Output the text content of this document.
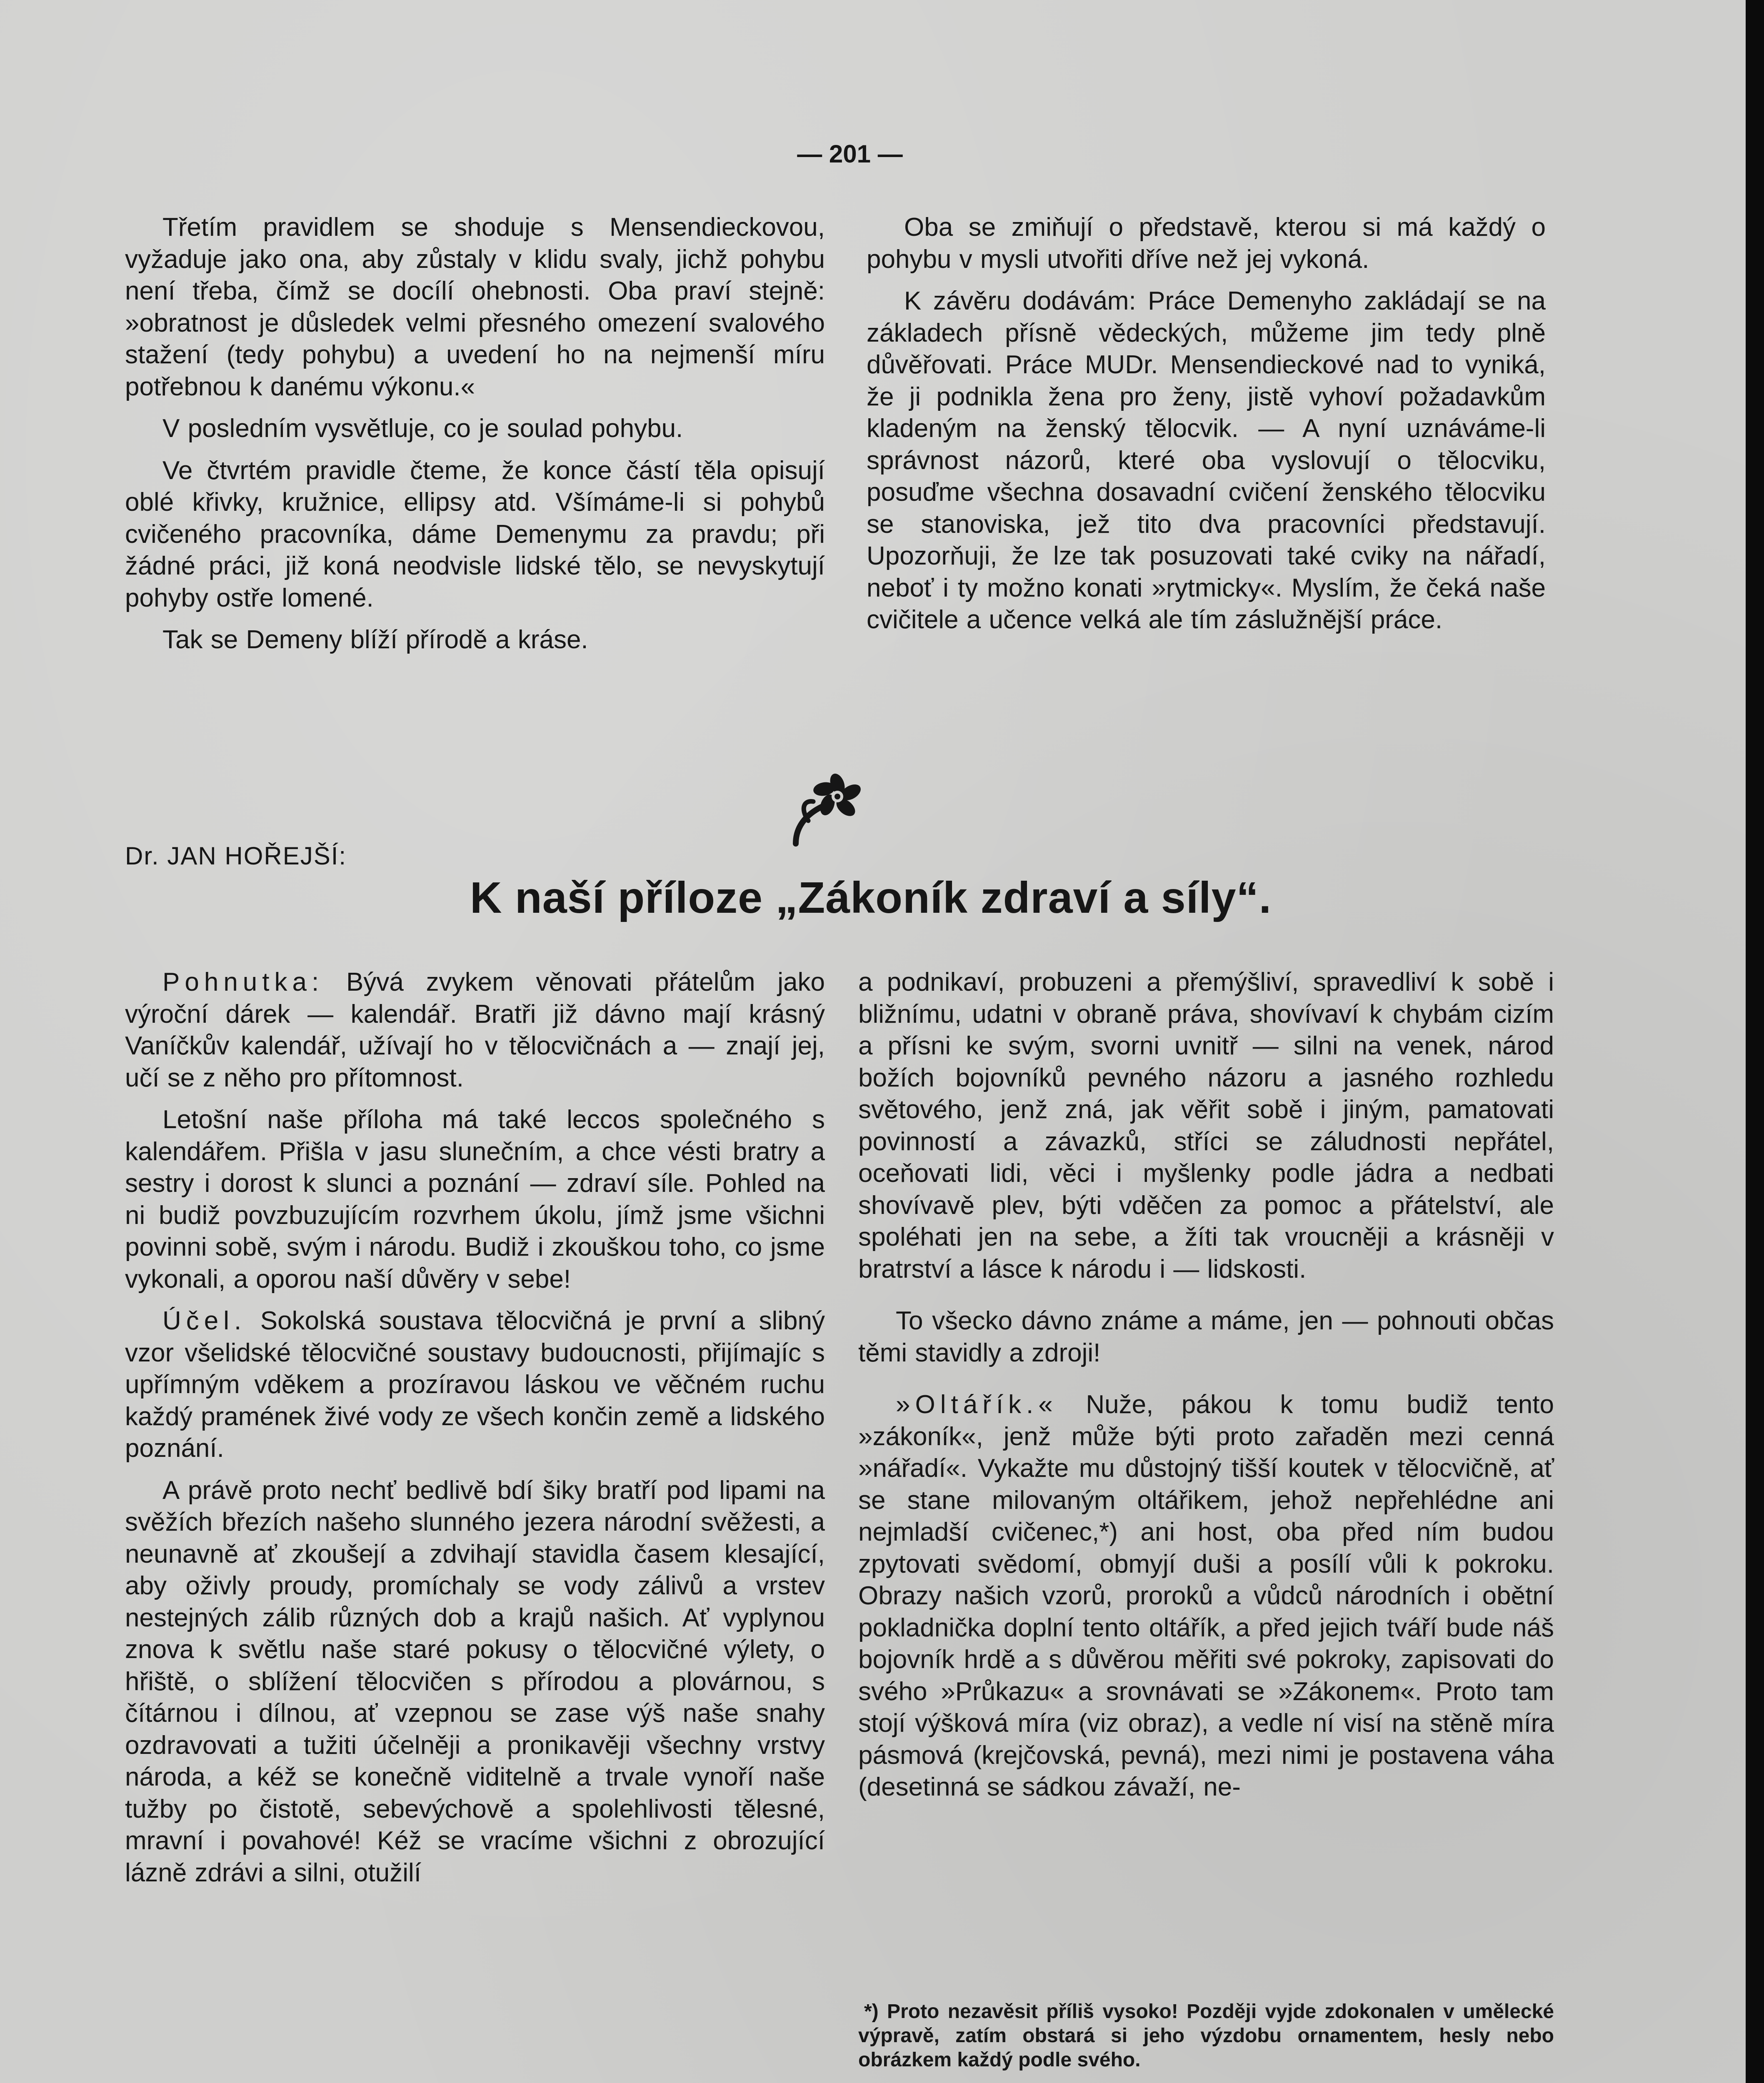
— 201 —

Třetím pravidlem se shoduje s Mensendieckovou, vyžaduje jako ona, aby zůstaly v klidu svaly, jichž pohybu není třeba, čímž se docílí ohebnosti. Oba praví stejně: »obratnost je důsledek velmi přesného omezení svalového stažení (tedy pohybu) a uvedení ho na nejmenší míru potřebnou k danému výkonu.«

V posledním vysvětluje, co je soulad pohybu.

Ve čtvrtém pravidle čteme, že konce částí těla opisují oblé křivky, kružnice, ellipsy atd. Všímáme-li si pohybů cvičeného pracovníka, dáme Demenymu za pravdu; při žádné práci, již koná neodvisle lidské tělo, se nevyskytují pohyby ostře lomené.

Tak se Demeny blíží přírodě a kráse.

Oba se zmiňují o představě, kterou si má každý o pohybu v mysli utvořiti dříve než jej vykoná.

K závěru dodávám: Práce Demenyho zakládají se na základech přísně vědeckých, můžeme jim tedy plně důvěřovati. Práce MUDr. Mensendieckové nad to vyniká, že ji podnikla žena pro ženy, jistě vyhoví požadavkům kladeným na ženský tělocvik. — A nyní uznáváme-li správnost názorů, které oba vyslovují o tělocviku, posuďme všechna dosavadní cvičení ženského tělocviku se stanoviska, jež tito dva pracovníci představují. Upozorňuji, že lze tak posuzovati také cviky na nářadí, neboť i ty možno konati »rytmicky«. Myslím, že čeká naše cvičitele a učence velká ale tím záslužnější práce.

Dr. JAN HOŘEJŠÍ:
K naší příloze „Zákoník zdraví a síly“.

Pohnutka: Bývá zvykem věnovati přátelům jako výroční dárek — kalendář. Bratři již dávno mají krásný Vaníčkův kalendář, užívají ho v tělocvičnách a — znají jej, učí se z něho pro přítomnost.

Letošní naše příloha má také leccos společného s kalendářem. Přišla v jasu slunečním, a chce vésti bratry a sestry i dorost k slunci a poznání — zdraví síle. Pohled na ni budiž povzbuzujícím rozvrhem úkolu, jímž jsme všichni povinni sobě, svým i národu. Budiž i zkouškou toho, co jsme vykonali, a oporou naší důvěry v sebe!

Účel. Sokolská soustava tělocvičná je první a slibný vzor všelidské tělocvičné soustavy budoucnosti, přijímajíc s upřímným vděkem a prozíravou láskou ve věčném ruchu každý pramének živé vody ze všech končin země a lidského poznání.

A právě proto nechť bedlivě bdí šiky bratří pod lipami na svěžích březích našeho slunného jezera národní svěžesti, a neunavně ať zkoušejí a zdvihají stavidla časem klesající, aby oživly proudy, promíchaly se vody zálivů a vrstev nestejných zálib různých dob a krajů našich. Ať vyplynou znova k světlu naše staré pokusy o tělocvičné výlety, o hřiště, o sblížení tělocvičen s přírodou a plovárnou, s čítárnou i dílnou, ať vzepnou se zase výš naše snahy ozdravovati a tužiti účelněji a pronikavěji všechny vrstvy národa, a kéž se konečně viditelně a trvale vynoří naše tužby po čistotě, sebevýchově a spolehlivosti tělesné, mravní i povahové! Kéž se vracíme všichni z obrozující lázně zdrávi a silni, otužilí

a podnikaví, probuzeni a přemýšliví, spravedliví k sobě i bližnímu, udatni v obraně práva, shovívaví k chybám cizím a přísni ke svým, svorni uvnitř — silni na venek, národ božích bojovníků pevného názoru a jasného rozhledu světového, jenž zná, jak věřit sobě i jiným, pamatovati povinností a závazků, stříci se záludnosti nepřátel, oceňovati lidi, věci i myšlenky podle jádra a nedbati shovívavě plev, býti vděčen za pomoc a přátelství, ale spoléhati jen na sebe, a žíti tak vroucněji a krásněji v bratrství a lásce k národu i — lidskosti.

To všecko dávno známe a máme, jen — pohnouti občas těmi stavidly a zdroji!

»Oltářík.« Nuže, pákou k tomu budiž tento »zákoník«, jenž může býti proto zařaděn mezi cenná »nářadí«. Vykažte mu důstojný tišší koutek v tělocvičně, ať se stane milovaným oltářikem, jehož nepřehlédne ani nejmladší cvičenec,*) ani host, oba před ním budou zpytovati svědomí, obmyjí duši a posílí vůli k pokroku. Obrazy našich vzorů, proroků a vůdců národních i obětní pokladnička doplní tento oltářík, a před jejich tváří bude náš bojovník hrdě a s důvěrou měřiti své pokroky, zapisovati do svého »Průkazu« a srovnávati se »Zákonem«. Proto tam stojí výšková míra (viz obraz), a vedle ní visí na stěně míra pásmová (krejčovská, pevná), mezi nimi je postavena váha (desetinná se sádkou závaží, ne-

*) Proto nezavěsit příliš vysoko! Později vyjde zdokonalen v umělecké výpravě, zatím obstará si jeho výzdobu ornamentem, hesly nebo obrázkem každý podle svého.
